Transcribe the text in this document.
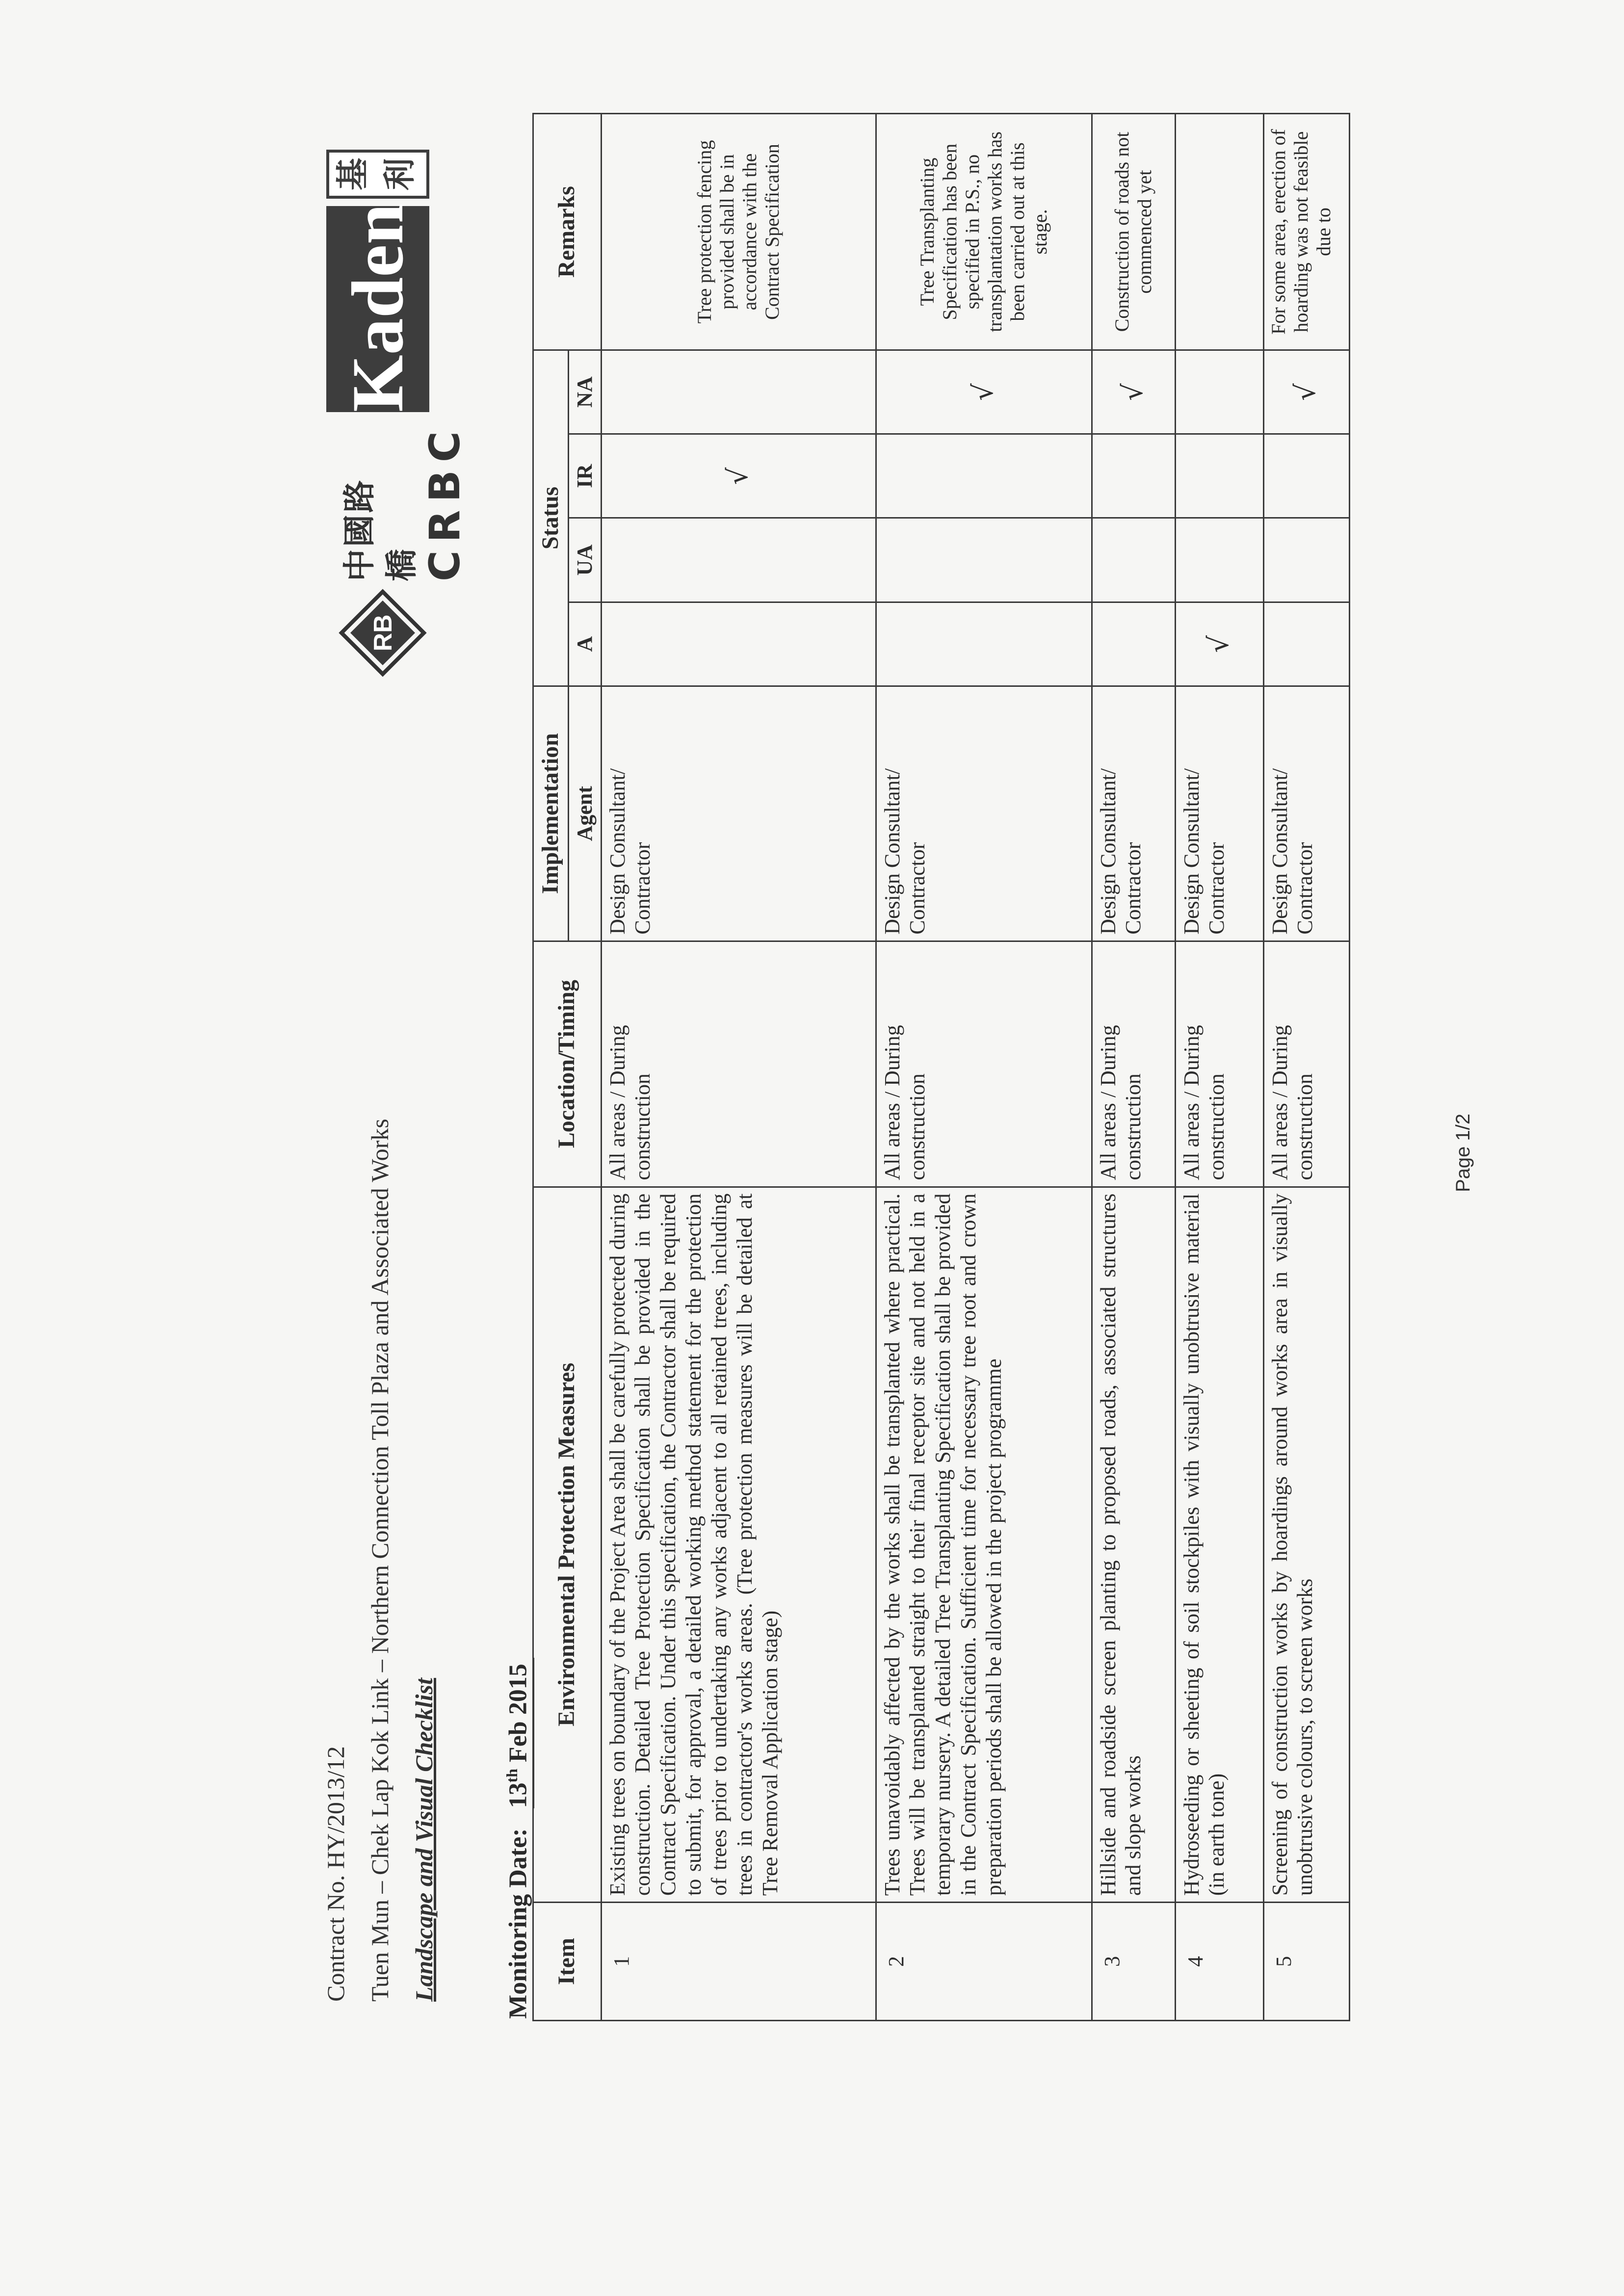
Contract No. HY/2013/12 Tuen Mun – Chek Lap Kok Link – Northern Connection Toll Plaza and Associated Works Landscape and Visual Checklist
RB
中國路橋 CRBC
Kaden
基 利
Monitoring Date: 13th Feb 2015
Item	Environmental Protection Measures	Location/Timing	Implementation	Status				Remarks
			Agent	A	UA	IR	NA	
1	Existing trees on boundary of the Project Area shall be carefully protected during construction. Detailed Tree Protection Specification shall be provided in the Contract Specification. Under this specification, the Contractor shall be required to submit, for approval, a detailed working method statement for the protection of trees prior to undertaking any works adjacent to all retained trees, including trees in contractor's works areas. (Tree protection measures will be detailed at Tree Removal Application stage)	All areas / During construction	Design Consultant/ Contractor			√		Tree protection fencing provided shall be in accordance with the Contract Specification
2	Trees unavoidably affected by the works shall be transplanted where practical. Trees will be transplanted straight to their final receptor site and not held in a temporary nursery. A detailed Tree Transplanting Specification shall be provided in the Contract Specification. Sufficient time for necessary tree root and crown preparation periods shall be allowed in the project programme	All areas / During construction	Design Consultant/ Contractor				√	Tree Transplanting Specification has been specified in P.S., no transplantation works has been carried out at this stage.
3	Hillside and roadside screen planting to proposed roads, associated structures and slope works	All areas / During construction	Design Consultant/ Contractor				√	Construction of roads not commenced yet
4	Hydroseeding or sheeting of soil stockpiles with visually unobtrusive material (in earth tone)	All areas / During construction	Design Consultant/ Contractor	√				
5	Screening of construction works by hoardings around works area in visually unobtrusive colours, to screen works	All areas / During construction	Design Consultant/ Contractor				√	For some area, erection of hoarding was not feasible due to
Page 1/2
